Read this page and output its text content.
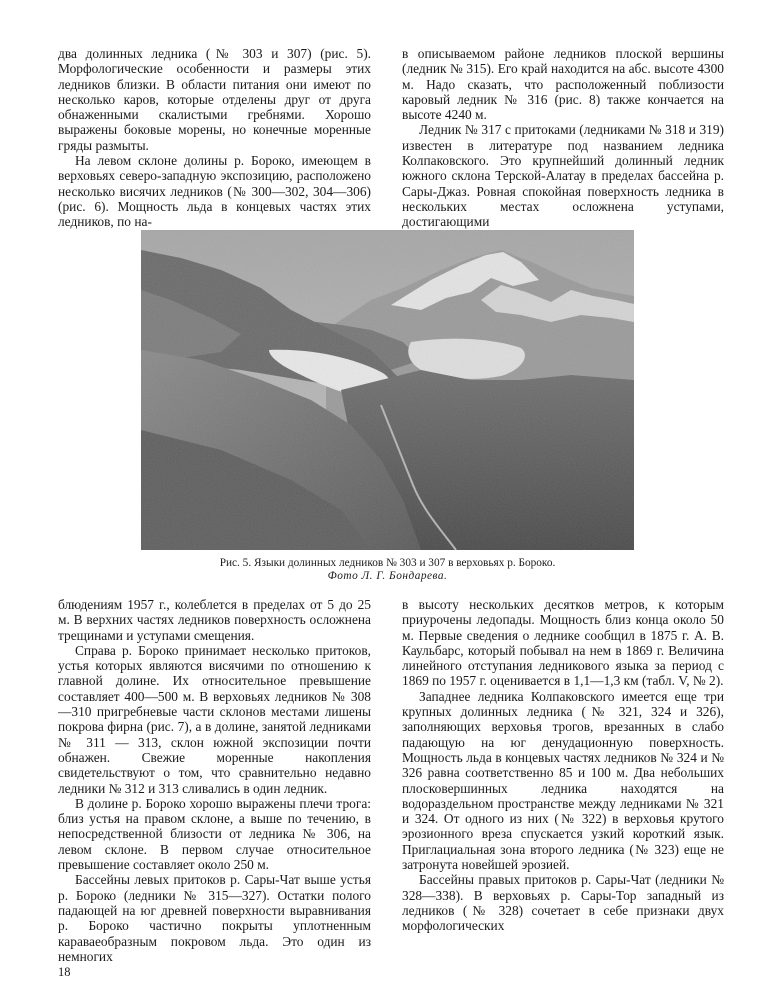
два долинных ледника (№ 303 и 307) (рис. 5). Морфологические особенности и размеры этих ледников близки. В области питания они имеют по несколько каров, которые отделены друг от друга обнаженными скалистыми гребнями. Хорошо выражены боковые морены, но конечные моренные гряды размыты.

На левом склоне долины р. Бороко, имеющем в верховьях северо-западную экспозицию, расположено несколько висячих ледников (№ 300—302, 304—306) (рис. 6). Мощность льда в концевых частях этих ледников, по на-

в описываемом районе ледников плоской вершины (ледник № 315). Его край находится на абс. высоте 4300 м. Надо сказать, что расположенный поблизости каровый ледник № 316 (рис. 8) также кончается на высоте 4240 м.

Ледник № 317 с притоками (ледниками № 318 и 319) известен в литературе под названием ледника Колпаковского. Это крупнейший долинный ледник южного склона Терской-Алатау в пределах бассейна р. Сары-Джаз. Ровная спокойная поверхность ледника в нескольких местах осложнена уступами, достигающими

Рис. 5. Языки долинных ледников № 303 и 307 в верховьях р. Бороко.
Фото Л. Г. Бондарева.

блюдениям 1957 г., колеблется в пределах от 5 до 25 м. В верхних частях ледников поверхность осложнена трещинами и уступами смещения.

Справа р. Бороко принимает несколько притоков, устья которых являются висячими по отношению к главной долине. Их относительное превышение составляет 400—500 м. В верховьях ледников № 308—310 пригребневые части склонов местами лишены покрова фирна (рис. 7), а в долине, занятой ледниками № 311 — 313, склон южной экспозиции почти обнажен. Свежие моренные накопления свидетельствуют о том, что сравнительно недавно ледники № 312 и 313 сливались в один ледник.

В долине р. Бороко хорошо выражены плечи трога: близ устья на правом склоне, а выше по течению, в непосредственной близости от ледника № 306, на левом склоне. В первом случае относительное превышение составляет около 250 м.

Бассейны левых притоков р. Сары-Чат выше устья р. Бороко (ледники № 315—327). Остатки полого падающей на юг древней поверхности выравнивания р. Бороко частично покрыты уплотненным караваеобразным покровом льда. Это один из немногих

в высоту нескольких десятков метров, к которым приурочены ледопады. Мощность близ конца около 50 м. Первые сведения о леднике сообщил в 1875 г. А. В. Каульбарс, который побывал на нем в 1869 г. Величина линейного отступания ледникового языка за период с 1869 по 1957 г. оценивается в 1,1—1,3 км (табл. V, № 2).

Западнее ледника Колпаковского имеется еще три крупных долинных ледника (№ 321, 324 и 326), заполняющих верховья трогов, врезанных в слабо падающую на юг денудационную поверхность. Мощность льда в концевых частях ледников № 324 и № 326 равна соответственно 85 и 100 м. Два небольших плосковершинных ледника находятся на водораздельном пространстве между ледниками № 321 и 324. От одного из них (№ 322) в верховья крутого эрозионного вреза спускается узкий короткий язык. Приглациальная зона второго ледника (№ 323) еще не затронута новейшей эрозией.

Бассейны правых притоков р. Сары-Чат (ледники № 328—338). В верховьях р. Сары-Тор западный из ледников (№ 328) сочетает в себе признаки двух морфологических

18
